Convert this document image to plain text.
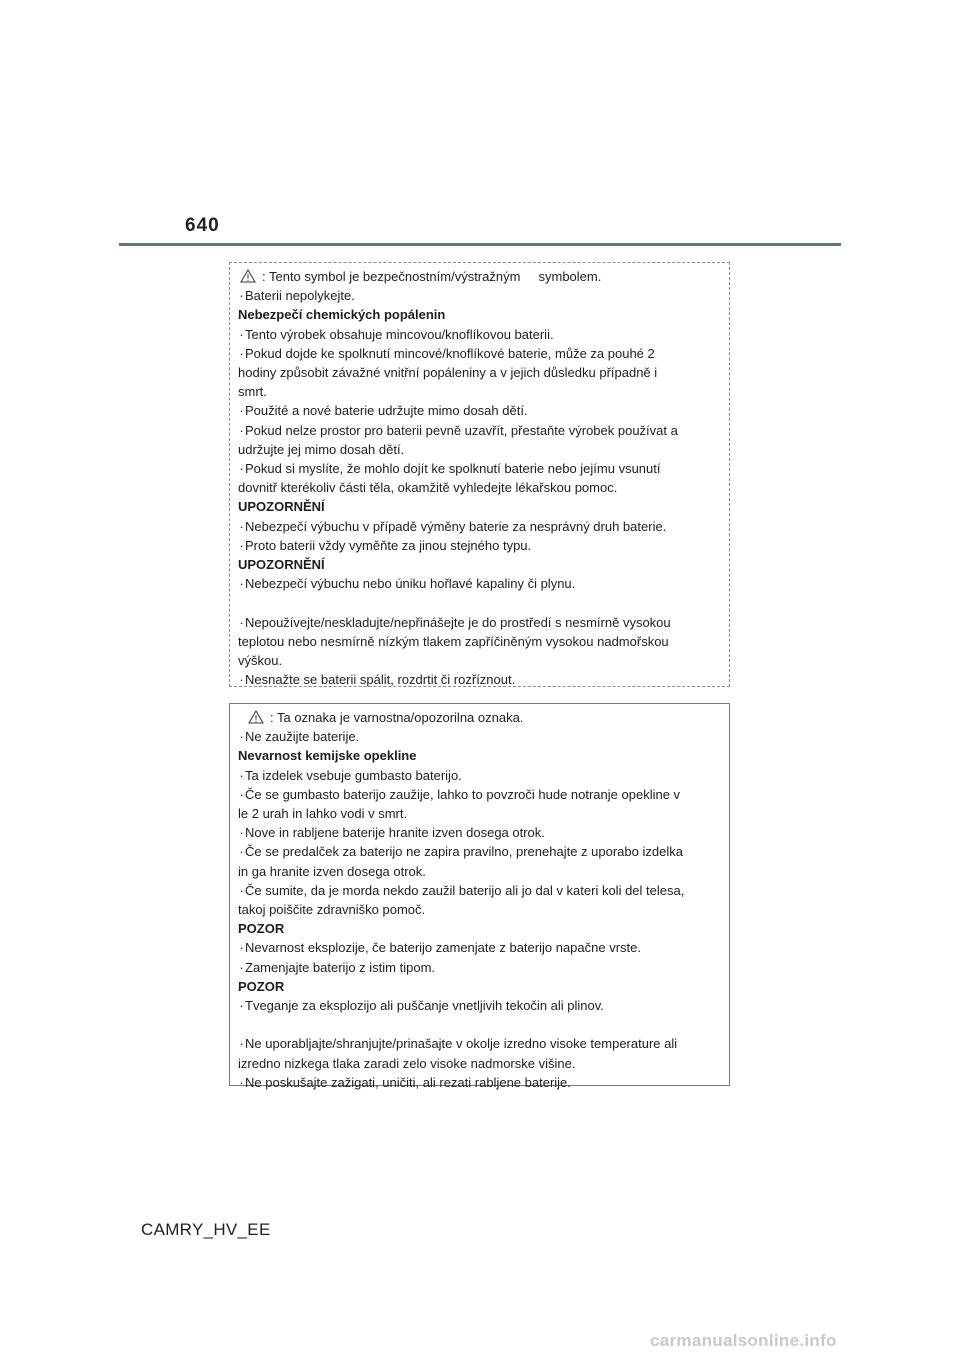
640
: Tento symbol je bezpečnostním/výstražným     symbolem.
·Baterii nepolykejte.
Nebezpečí chemických popálenin
·Tento výrobek obsahuje mincovou/knoflíkovou baterii.
·Pokud dojde ke spolknutí mincové/knoflíkové baterie, může za pouhé 2
hodiny způsobit závažné vnitřní popáleniny a v jejich důsledku případně i
smrt.
·Použité a nové baterie udržujte mimo dosah dětí.
·Pokud nelze prostor pro baterii pevně uzavřít, přestaňte výrobek používat a
udržujte jej mimo dosah dětí.
·Pokud si myslíte, že mohlo dojít ke spolknutí baterie nebo jejímu vsunutí
dovnitř kterékoliv části těla, okamžitě vyhledejte lékařskou pomoc.
UPOZORNĚNÍ
·Nebezpečí výbuchu v případě výměny baterie za nesprávný druh baterie.
·Proto baterii vždy vyměňte za jinou stejného typu.
UPOZORNĚNÍ
·Nebezpečí výbuchu nebo úniku hořlavé kapaliny či plynu.
·Nepoužívejte/neskladujte/nepřinášejte je do prostředí s nesmírně vysokou
teplotou nebo nesmírně nízkým tlakem zapříčiněným vysokou nadmořskou
výškou.
·Nesnažte se baterii spálit, rozdrtit či rozříznout.
: Ta oznaka je varnostna/opozorilna oznaka.
·Ne zaužijte baterije.
Nevarnost kemijske opekline
·Ta izdelek vsebuje gumbasto baterijo.
·Če se gumbasto baterijo zaužije, lahko to povzroči hude notranje opekline v
le 2 urah in lahko vodi v smrt.
·Nove in rabljene baterije hranite izven dosega otrok.
·Če se predalček za baterijo ne zapira pravilno, prenehajte z uporabo izdelka
in ga hranite izven dosega otrok.
·Če sumite, da je morda nekdo zaužil baterijo ali jo dal v kateri koli del telesa,
takoj poiščite zdravniško pomoč.
POZOR
·Nevarnost eksplozije, če baterijo zamenjate z baterijo napačne vrste.
·Zamenjajte baterijo z istim tipom.
POZOR
·Tveganje za eksplozijo ali puščanje vnetljivih tekočin ali plinov.
·Ne uporabljajte/shranjujte/prinašajte v okolje izredno visoke temperature ali
izredno nizkega tlaka zaradi zelo visoke nadmorske višine.
·Ne poskušajte zažigati, uničiti, ali rezati rabljene baterije.
CAMRY_HV_EE
carmanualsonline.info
